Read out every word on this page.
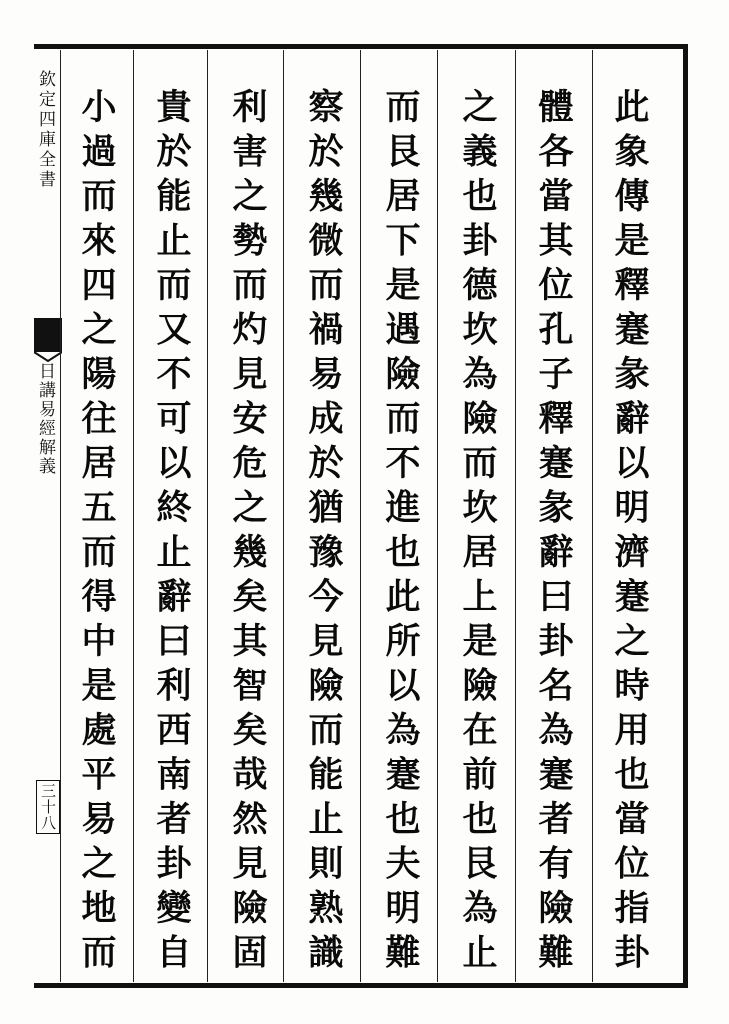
欽定四庫全書
日講易經解義
三十八	此象傳是釋蹇彖辭以明濟蹇之時用也當位指卦
體各當其位孔子釋蹇彖辭曰卦名為蹇者有險難
之義也卦德坎為險而坎居上是險在前也艮為止
而艮居下是遇險而不進也此所以為蹇也夫明難
察於幾微而禍易成於猶豫今見險而能止則熟識
利害之勢而灼見安危之幾矣其智矣哉然見險固
貴於能止而又不可以終止辭曰利西南者卦變自
小過而來四之陽往居五而得中是處平易之地而
